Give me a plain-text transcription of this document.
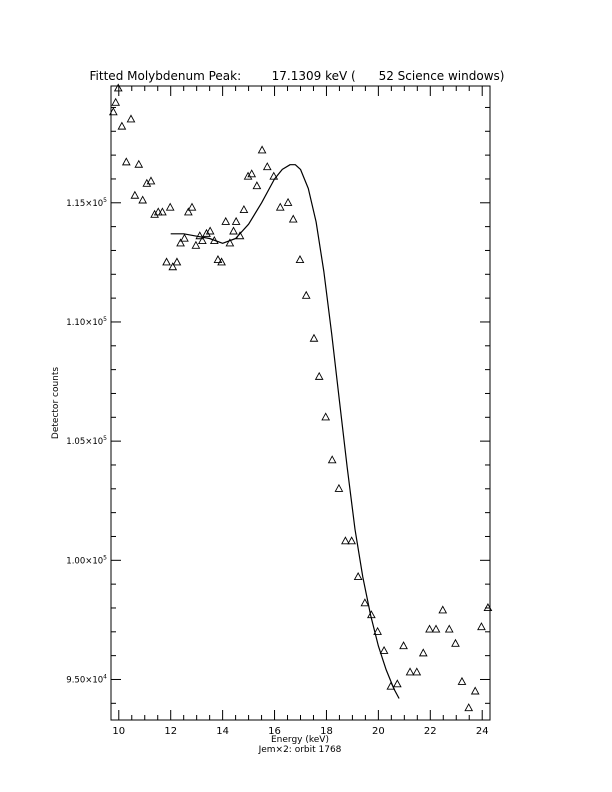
Fitted Molybdenum Peak:        17.1309 keV (      52 Science windows)
10	12	14	16	18	20	22	24
$9.50\times 10^4$
$1.00\times 10^5$
$1.05\times 10^5$
$1.10\times 10^5$
$1.15\times 10^5$
Energy (keV)
Jem×2: orbit 1768
Detector counts
